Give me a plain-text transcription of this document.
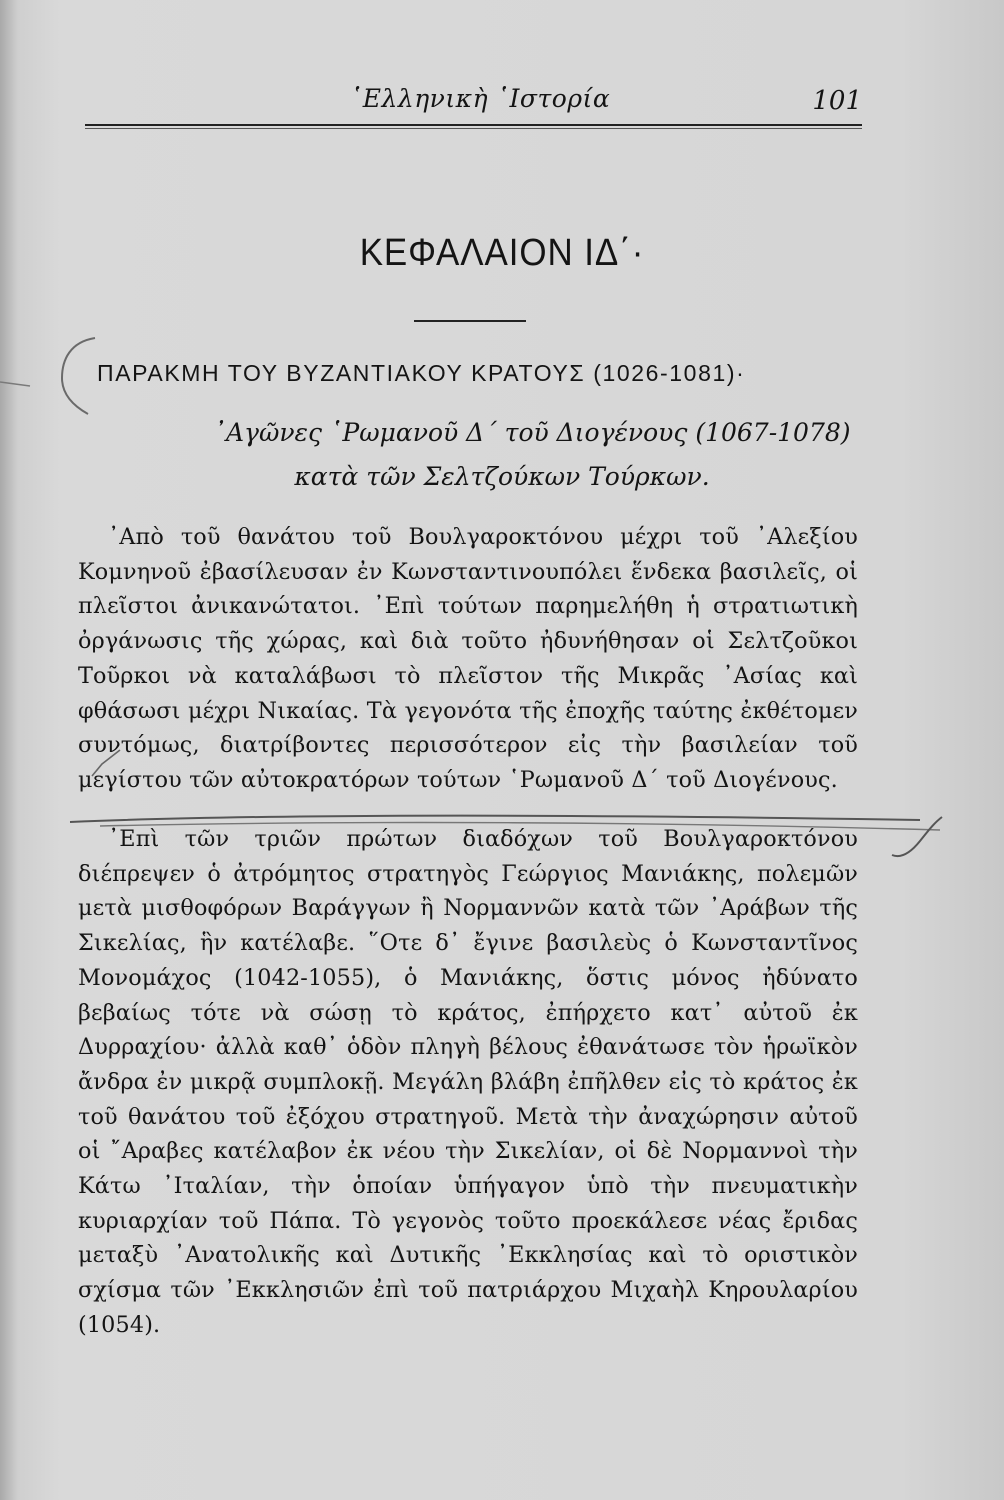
῾Ελληνικὴ ῾Ιστορία	101
ΚΕΦΑΛΑΙΟΝ ΙΔ΄·
ΠΑΡΑΚΜΗ ΤΟΥ ΒΥΖΑΝΤΙΑΚΟΥ ΚΡΑΤΟΥΣ (1026-1081)·
᾿Αγῶνες ῾Ρωμανοῦ Δ΄ τοῦ Διογένους (1067-1078)
κατὰ τῶν Σελτζούκων Τούρκων.
᾿Απὸ τοῦ θανάτου τοῦ Βουλγαροκτόνου μέχρι τοῦ ᾿Αλεξίου Κομνηνοῦ ἐβασίλευσαν ἐν Κωνσταντινουπόλει ἕνδεκα βασιλεῖς, οἱ πλεῖστοι ἀνικανώτατοι. ᾿Επὶ τούτων παρημελήθη ἡ στρατιωτικὴ ὀργάνωσις τῆς χώρας, καὶ διὰ τοῦτο ἠδυνήθησαν οἱ Σελτζοῦκοι Τοῦρκοι νὰ καταλάβωσι τὸ πλεῖστον τῆς Μικρᾶς ᾿Ασίας καὶ φθάσωσι μέχρι Νικαίας. Τὰ γεγονότα τῆς ἐποχῆς ταύτης ἐκθέτομεν συντόμως, διατρίβοντες περισσότερον εἰς τὴν βασιλείαν τοῦ μεγίστου τῶν αὐτοκρατόρων τούτων ῾Ρωμανοῦ Δ΄ τοῦ Διογένους.
᾿Επὶ τῶν τριῶν πρώτων διαδόχων τοῦ Βουλγαροκτόνου διέπρεψεν ὁ ἀτρόμητος στρατηγὸς Γεώργιος Μανιάκης, πολεμῶν μετὰ μισθοφόρων Βαράγγων ἢ Νορμαννῶν κατὰ τῶν ᾿Αράβων τῆς Σικελίας, ἣν κατέλαβε. ῞Οτε δ᾿ ἔγινε βασιλεὺς ὁ Κωνσταντῖνος Μονομάχος (1042-1055), ὁ Μανιάκης, ὅστις μόνος ἠδύνατο βεβαίως τότε νὰ σώσῃ τὸ κράτος, ἐπήρχετο κατ᾿ αὐτοῦ ἐκ Δυρραχίου· ἀλλὰ καθ᾿ ὁδὸν πληγὴ βέλους ἐθανάτωσε τὸν ἡρωϊκὸν ἄνδρα ἐν μικρᾷ συμπλοκῇ. Μεγάλη βλάβη ἐπῆλθεν εἰς τὸ κράτος ἐκ τοῦ θανάτου τοῦ ἐξόχου στρατηγοῦ. Μετὰ τὴν ἀναχώρησιν αὐτοῦ οἱ ῎Αραβες κατέλαβον ἐκ νέου τὴν Σικελίαν, οἱ δὲ Νορμαννοὶ τὴν Κάτω ᾿Ιταλίαν, τὴν ὁποίαν ὑπήγαγον ὑπὸ τὴν πνευματικὴν κυριαρχίαν τοῦ Πάπα. Τὸ γεγονὸς τοῦτο προεκάλεσε νέας ἔριδας μεταξὺ ᾿Ανατολικῆς καὶ Δυτικῆς ᾿Εκκλησίας καὶ τὸ οριστικὸν σχίσμα τῶν ᾿Εκκλησιῶν ἐπὶ τοῦ πατριάρχου Μιχαὴλ Κηρουλαρίου (1054).
